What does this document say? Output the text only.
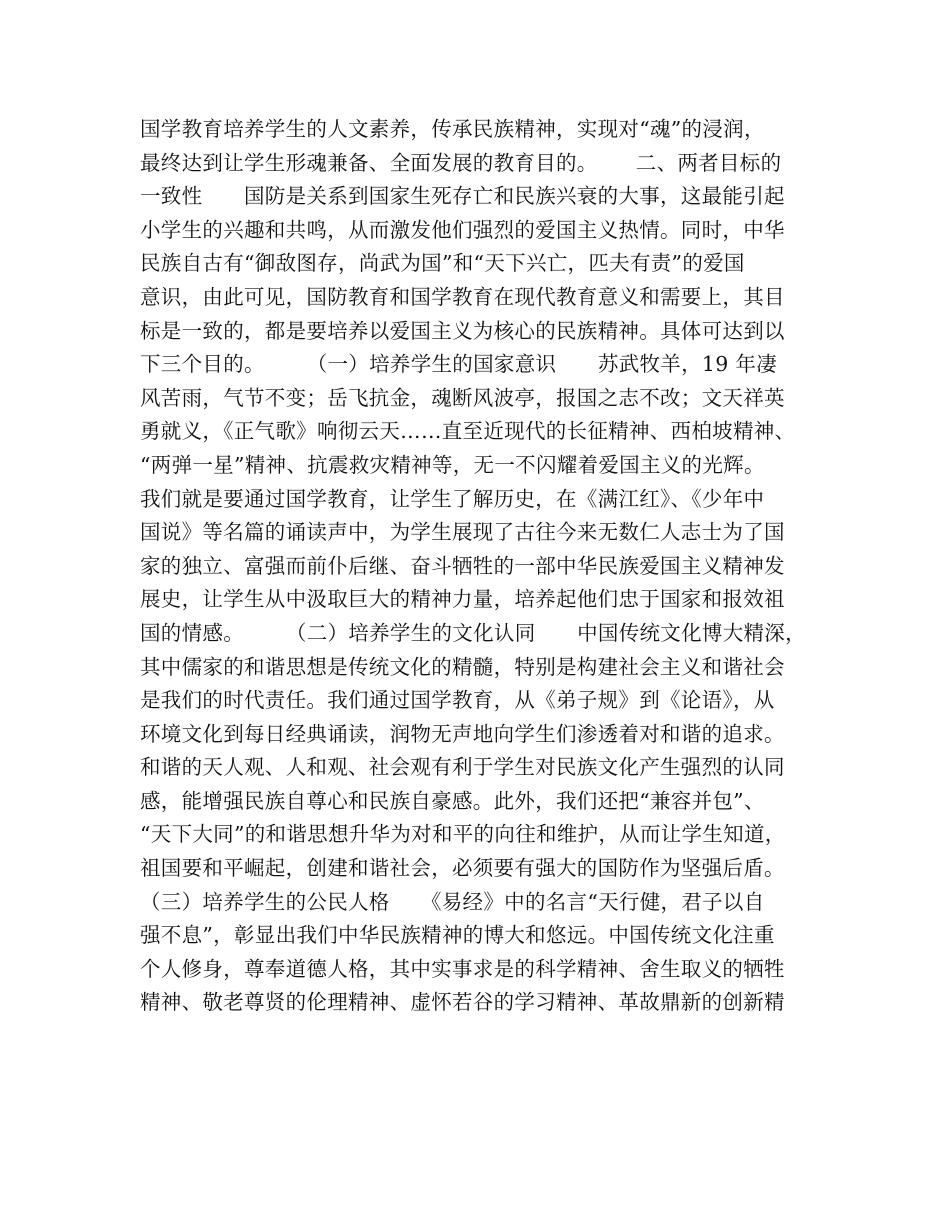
国学教育培养学生的人文素养，传承民族精神，实现对“魂”的浸润，
最终达到让学生形魂兼备、全面发展的教育目的。　　 二、两者目标的
一致性　　国防是关系到国家生死存亡和民族兴衰的大事，这最能引起
小学生的兴趣和共鸣，从而激发他们强烈的爱国主义热情。同时，中华
民族自古有“御敌图存，尚武为国”和“天下兴亡，匹夫有责”的爱国
意识，由此可见，国防教育和国学教育在现代教育意义和需要上，其目
标是一致的，都是要培养以爱国主义为核心的民族精神。具体可达到以
下三个目的。　　　（一）培养学生的国家意识　　苏武牧羊，19 年凄
风苦雨，气节不变；岳飞抗金，魂断风波亭，报国之志不改；文天祥英
勇就义，《正气歌》响彻云天……直至近现代的长征精神、西柏坡精神、
“两弹一星”精神、抗震救灾精神等，无一不闪耀着爱国主义的光辉。
我们就是要通过国学教育，让学生了解历史，在《满江红》、《少年中
国说》等名篇的诵读声中，为学生展现了古往今来无数仁人志士为了国
家的独立、富强而前仆后继、奋斗牺牲的一部中华民族爱国主义精神发
展史，让学生从中汲取巨大的精神力量，培养起他们忠于国家和报效祖
国的情感。　　　（二）培养学生的文化认同　　中国传统文化博大精深，
其中儒家的和谐思想是传统文化的精髓，特别是构建社会主义和谐社会
是我们的时代责任。我们通过国学教育，从《弟子规》到《论语》，从
环境文化到每日经典诵读，润物无声地向学生们渗透着对和谐的追求。
和谐的天人观、人和观、社会观有利于学生对民族文化产生强烈的认同
感，能增强民族自尊心和民族自豪感。此外，我们还把“兼容并包”、
“天下大同”的和谐思想升华为对和平的向往和维护，从而让学生知道，
祖国要和平崛起，创建和谐社会，必须要有强大的国防作为坚强后盾。
（三）培养学生的公民人格　　《易经》中的名言“天行健，君子以自
强不息”，彰显出我们中华民族精神的博大和悠远。中国传统文化注重
个人修身，尊奉道德人格，其中实事求是的科学精神、舍生取义的牺牲
精神、敬老尊贤的伦理精神、虚怀若谷的学习精神、革故鼎新的创新精
